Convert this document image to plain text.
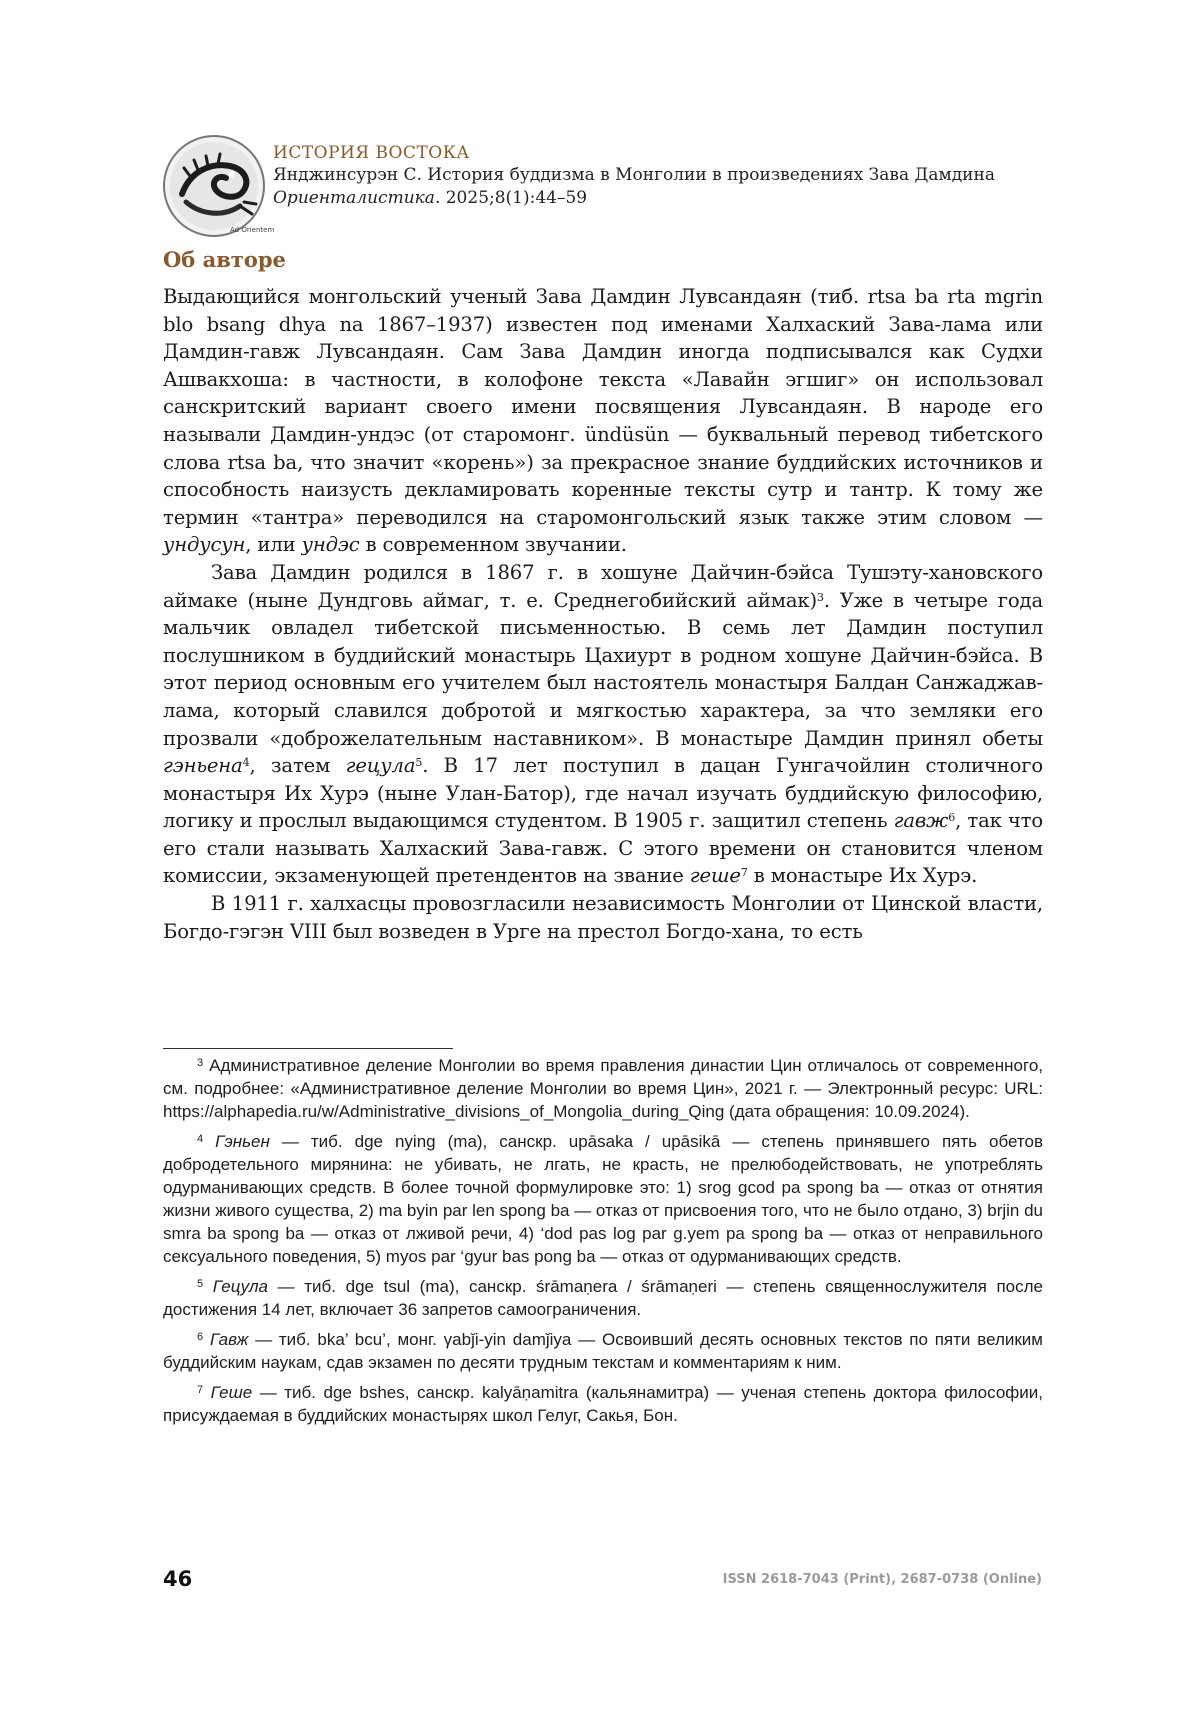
Ad Orientem
ИСТОРИЯ ВОСТОКА
Янджинсурэн С. История буддизма в Монголии в произведениях Зава Дамдина
Ориенталистика. 2025;8(1):44–59
Об авторе

Выдающийся монгольский ученый Зава Дамдин Лувсандаян (тиб. rtsa ba rta mgrin blo bsang dhya na 1867–1937) известен под именами Халхаский Зава-лама или Дамдин-гавж Лувсандаян. Сам Зава Дамдин иногда подписывался как Судхи Ашвакхоша: в частности, в колофоне текста «Лавайн эгшиг» он использовал санскритский вариант своего имени посвящения Лувсандаян. В народе его называли Дамдин-ундэс (от старомонг. ündüsün — буквальный перевод тибетского слова rtsa ba, что значит «корень») за прекрасное знание буддийских источников и способность наизусть декламировать коренные тексты сутр и тантр. К тому же термин «тантра» переводился на старомонгольский язык также этим словом — ундусун, или ундэс в современном звучании.

Зава Дамдин родился в 1867 г. в хошуне Дайчин-бэйса Тушэту-хановского аймаке (ныне Дундговь аймаг, т. е. Среднегобийский аймак)$^3$. Уже в четыре года мальчик овладел тибетской письменностью. В семь лет Дамдин поступил послушником в буддийский монастырь Цахиурт в родном хошуне Дайчин-бэйса. В этот период основным его учителем был настоятель монастыря Балдан Санжаджав-лама, который славился добротой и мягкостью характера, за что земляки его прозвали «доброжелательным наставником». В монастыре Дамдин принял обеты гэньена$^4$, затем гецула$^5$. В 17 лет поступил в дацан Гунгачойлин столичного монастыря Их Хурэ (ныне Улан-Батор), где начал изучать буддийскую философию, логику и прослыл выдающимся студентом. В 1905 г. защитил степень гавж$^6$, так что его стали называть Халхаский Зава-гавж. С этого времени он становится членом комиссии, экзаменующей претендентов на звание геше$^7$ в монастыре Их Хурэ.

В 1911 г. халхасцы провозгласили независимость Монголии от Цинской власти, Богдо-гэгэн VIII был возведен в Урге на престол Богдо-хана, то есть

$^3$ Административное деление Монголии во время правления династии Цин отличалось от современного, см. подробнее: «Административное деление Монголии во время Цин», 2021 г. — Электронный ресурс: URL: https://alphapedia.ru/w/Administrative_divisions_of_Mongolia_during_Qing (дата обращения: 10.09.2024).

$^4$ Гэньен — тиб. dge nying (ma), санскр. upāsaka / upāsikā — степень принявшего пять обетов добродетельного мирянина: не убивать, не лгать, не красть, не прелюбодействовать, не употреблять одурманивающих средств. В более точной формулировке это: 1) srog gcod pa spong ba — отказ от отнятия жизни живого существа, 2) ma byin par len spong ba — отказ от присвоения того, что не было отдано, 3) brjin du smra ba spong ba — отказ от лживой речи, 4) ‘dod pas log par g.yem pa spong ba — отказ от неправильного сексуального поведения, 5) myos par ‘gyur bas pong ba — отказ от одурманивающих средств.

$^5$ Гецула — тиб. dge tsul (ma), санскр. śrāmaṇera / śrāmaṇeri — степень священнослужителя после достижения 14 лет, включает 36 запретов самоограничения.

$^6$ Гавж — тиб. bka’ bcu’, монг. γabǰi-yin damǰiya — Освоивший десять основных текстов по пяти великим буддийским наукам, сдав экзамен по десяти трудным текстам и комментариям к ним.

$^7$ Геше — тиб. dge bshes, санскр. kalyāṇamitra (кальянамитра) — ученая степень доктора философии, присуждаемая в буддийских монастырях школ Гелуг, Сакья, Бон.

46	ISSN 2618-7043 (Print), 2687-0738 (Online)
